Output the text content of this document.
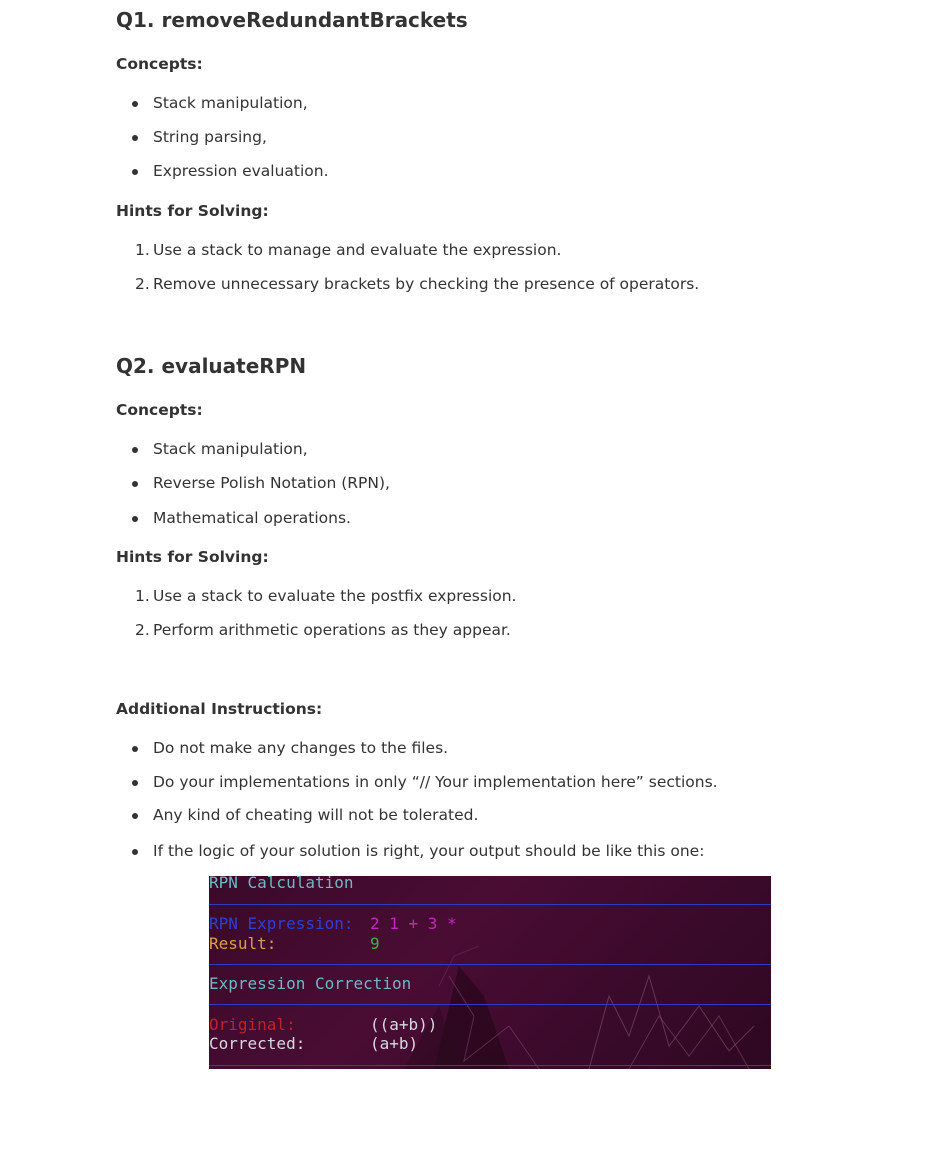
Q1. removeRedundantBrackets
Concepts:
Stack manipulation,
String parsing,
Expression evaluation.
Hints for Solving:
1. Use a stack to manage and evaluate the expression.
2. Remove unnecessary brackets by checking the presence of operators.
Q2. evaluateRPN
Concepts:
Stack manipulation,
Reverse Polish Notation (RPN),
Mathematical operations.
Hints for Solving:
1. Use a stack to evaluate the postfix expression.
2. Perform arithmetic operations as they appear.
Additional Instructions:
Do not make any changes to the files.
Do your implementations in only “// Your implementation here” sections.
Any kind of cheating will not be tolerated.
If the logic of your solution is right, your output should be like this one:
RPN Calculation
RPN Expression: 2 1 + 3 *
Result:	9
Expression Correction
Original:	((a+b))
Corrected:	(a+b)
